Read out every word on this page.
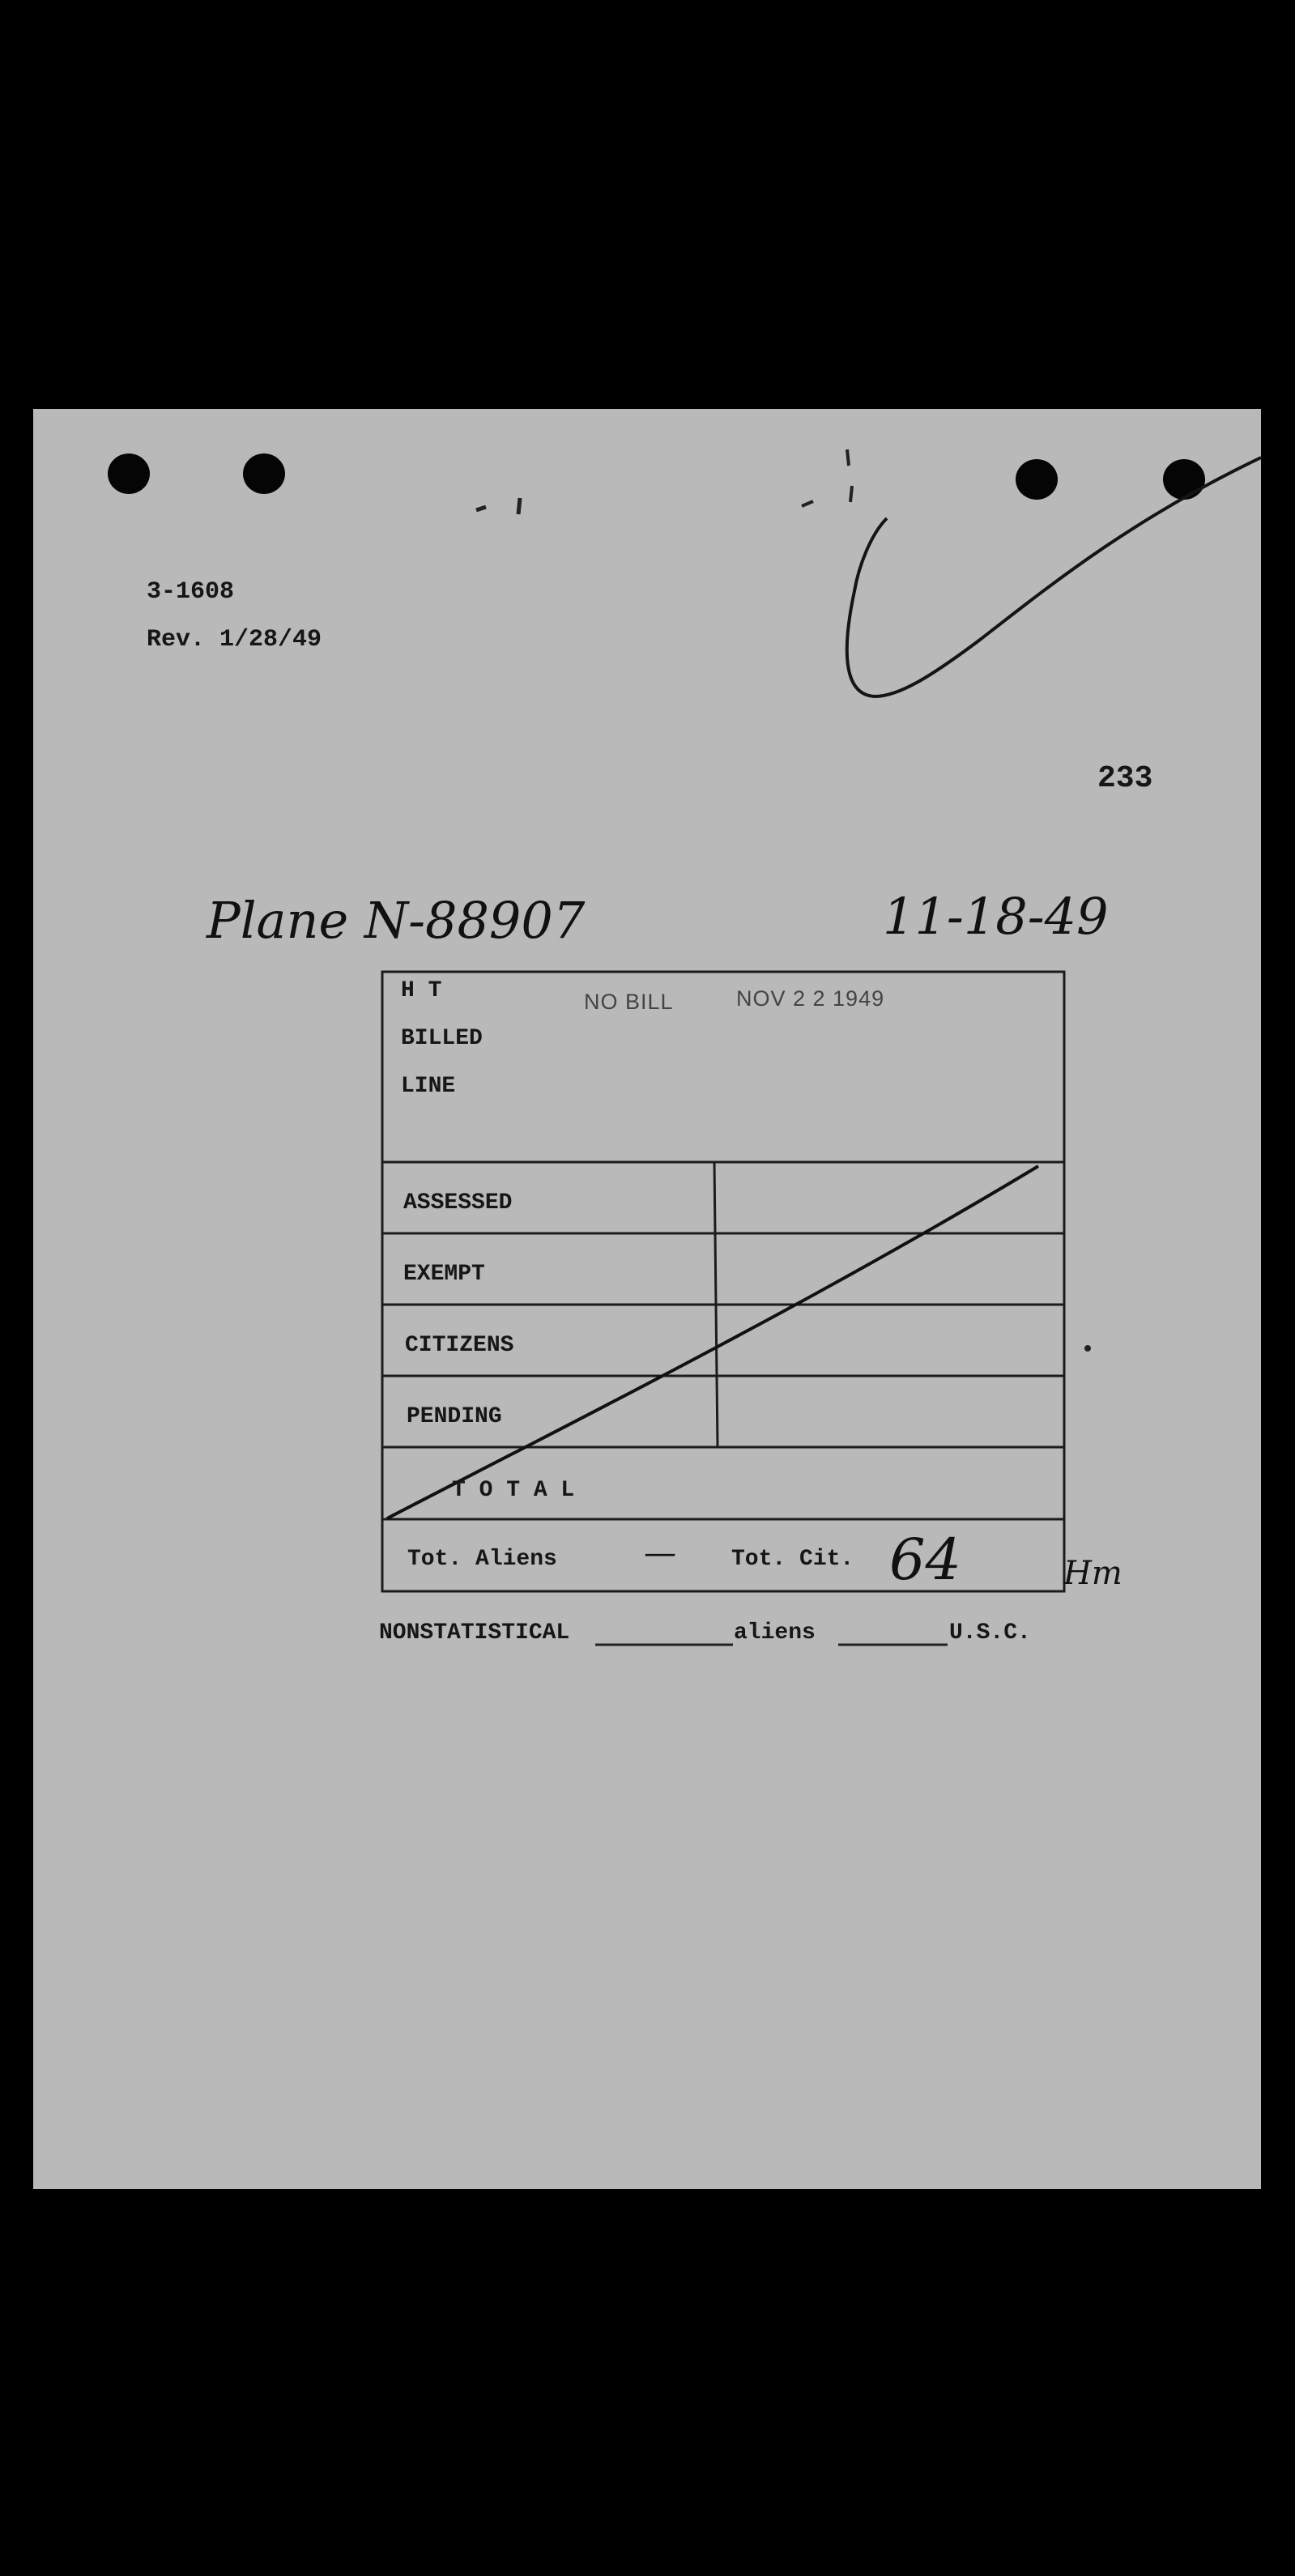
3-1608
Rev. 1/28/49
233
Plane N-88907	11-18-49
NO BILL	NOV 2 2 1949
H T
BILLED
LINE
ASSESSED
EXEMPT
CITIZENS
PENDING
T O T A L
Tot. Aliens	— Tot. Cit. 64	Hm
NONSTATISTICAL	aliens	U.S.C.
